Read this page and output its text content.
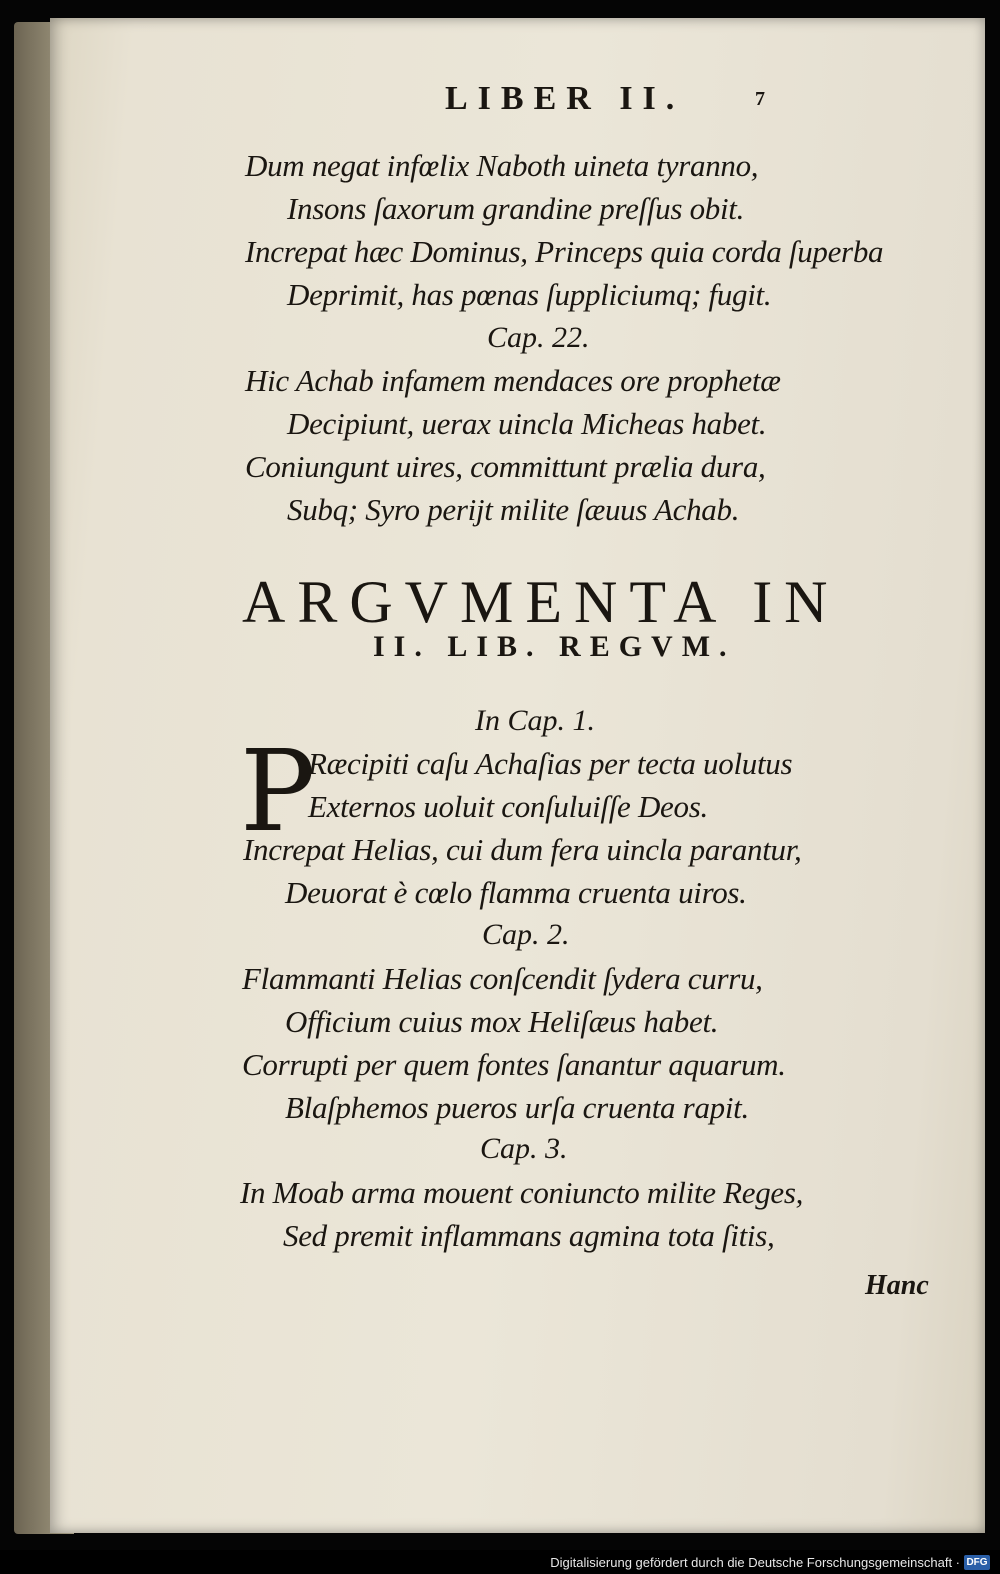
LIBER II.	7
Dum negat infœlix Naboth uineta tyranno,
Insons ſaxorum grandine preſſus obit.
Increpat hæc Dominus, Princeps quia corda ſuperba
Deprimit, has pœnas ſuppliciumq; fugit.
Cap. 22.
Hic Achab infamem mendaces ore prophetæ
Decipiunt, uerax uincla Micheas habet.
Coniungunt uires, committunt prælia dura,
Subq; Syro perijt milite ſæuus Achab.
ARGVMENTA IN
II. LIB. REGVM.
In Cap. 1.
P
Ræcipiti caſu Achaſias per tecta uolutus
Externos uoluit conſuluiſſe Deos.
Increpat Helias, cui dum fera uincla parantur,
Deuorat è cœlo flamma cruenta uiros.
Cap. 2.
Flammanti Helias conſcendit ſydera curru,
Officium cuius mox Heliſæus habet.
Corrupti per quem fontes ſanantur aquarum.
Blaſphemos pueros urſa cruenta rapit.
Cap. 3.
In Moab arma mouent coniuncto milite Reges,
Sed premit inflammans agmina tota ſitis,
Hanc
Digitalisierung gefördert durch die Deutsche Forschungsgemeinschaft · DFG
